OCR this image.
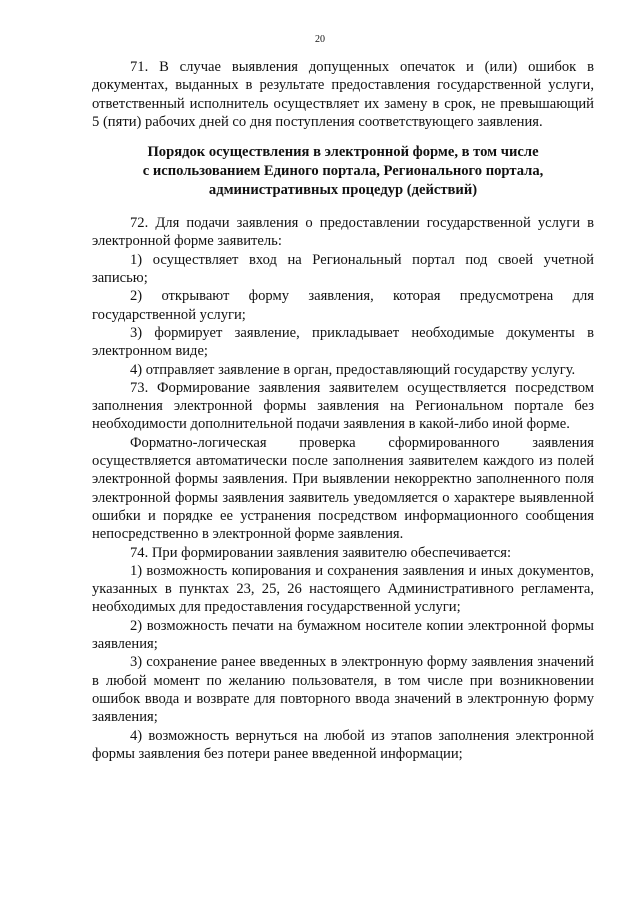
20

71. В случае выявления допущенных опечаток и (или) ошибок в документах, выданных в результате предоставления государственной услуги, ответственный исполнитель осуществляет их замену в срок, не превышающий 5 (пяти) рабочих дней со дня поступления соответствующего заявления.

Порядок осуществления в электронной форме, в том числе
с использованием Единого портала, Регионального портала,
административных процедур (действий)

72. Для подачи заявления о предоставлении государственной услуги в электронной форме заявитель:

1) осуществляет вход на Региональный портал под своей учетной записью;

2) открывают форму заявления, которая предусмотрена для государственной услуги;

3) формирует заявление, прикладывает необходимые документы в электронном виде;

4) отправляет заявление в орган, предоставляющий государству услугу.

73. Формирование заявления заявителем осуществляется посредством заполнения электронной формы заявления на Региональном портале без необходимости дополнительной подачи заявления в какой-либо иной форме.

Форматно-логическая проверка сформированного заявления осуществляется автоматически после заполнения заявителем каждого из полей электронной формы заявления. При выявлении некорректно заполненного поля электронной формы заявления заявитель уведомляется о характере выявленной ошибки и порядке ее устранения посредством информационного сообщения непосредственно в электронной форме заявления.

74. При формировании заявления заявителю обеспечивается:

1) возможность копирования и сохранения заявления и иных документов, указанных в пунктах 23, 25, 26 настоящего Административного регламента, необходимых для предоставления государственной услуги;

2) возможность печати на бумажном носителе копии электронной формы заявления;

3) сохранение ранее введенных в электронную форму заявления значений в любой момент по желанию пользователя, в том числе при возникновении ошибок ввода и возврате для повторного ввода значений в электронную форму заявления;

4) возможность вернуться на любой из этапов заполнения электронной формы заявления без потери ранее введенной информации;
